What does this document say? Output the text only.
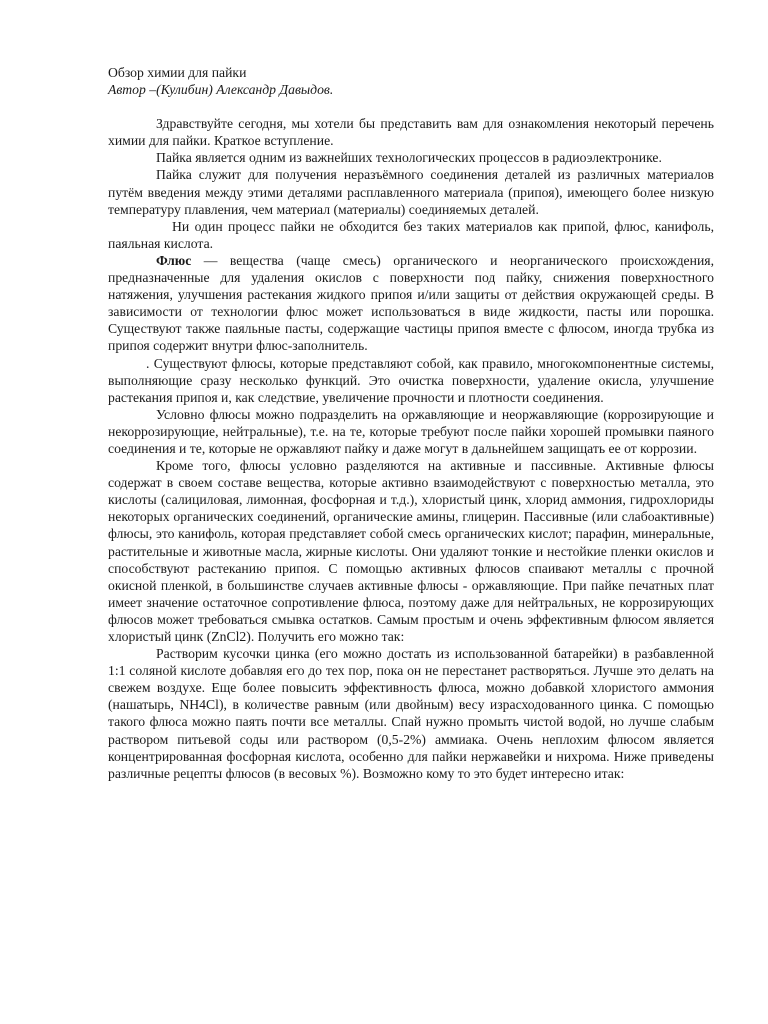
Обзор химии для пайки
Автор –(Кулибин) Александр Давыдов.

Здравствуйте сегодня, мы хотели бы представить вам для ознакомления некоторый перечень химии для пайки. Краткое вступление.

Пайка является одним из важнейших технологических процессов в радиоэлектронике.

Пайка служит для получения неразъёмного соединения деталей из различных материалов путём введения между этими деталями расплавленного материала (припоя), имеющего более низкую температуру плавления, чем материал (материалы) соединяемых деталей.

Ни один процесс пайки не обходится без таких материалов как припой, флюс, канифоль, паяльная кислота.

Флюс — вещества (чаще смесь) органического и неорганического происхождения, предназначенные для удаления окислов с поверхности под пайку, снижения поверхностного натяжения, улучшения растекания жидкого припоя и/или защиты от действия окружающей среды. В зависимости от технологии флюс может использоваться в виде жидкости, пасты или порошка. Существуют также паяльные пасты, содержащие частицы припоя вместе с флюсом, иногда трубка из припоя содержит внутри флюс-заполнитель.

. Существуют флюсы, которые представляют собой, как правило, многокомпонентные системы, выполняющие сразу несколько функций. Это очистка поверхности, удаление окисла, улучшение растекания припоя и, как следствие, увеличение прочности и плотности соединения.

Условно флюсы можно подразделить на оржавляющие и неоржавляющие (коррозирующие и некоррозирующие, нейтральные), т.е. на те, которые требуют после пайки хорошей промывки паяного соединения и те, которые не оржавляют пайку и даже могут в дальнейшем защищать ее от коррозии.

Кроме того, флюсы условно разделяются на активные и пассивные. Активные флюсы содержат в своем составе вещества, которые активно взаимодействуют с поверхностью металла, это кислоты (салициловая, лимонная, фосфорная и т.д.), хлористый цинк, хлорид аммония, гидрохлориды некоторых органических соединений, органические амины, глицерин. Пассивные (или слабоактивные) флюсы, это канифоль, которая представляет собой смесь органических кислот; парафин, минеральные, растительные и животные масла, жирные кислоты. Они удаляют тонкие и нестойкие пленки окислов и способствуют растеканию припоя. С помощью активных флюсов спаивают металлы с прочной окисной пленкой, в большинстве случаев активные флюсы - оржавляющие. При пайке печатных плат имеет значение остаточное сопротивление флюса, поэтому даже для нейтральных, не коррозирующих флюсов может требоваться смывка остатков. Самым простым и очень эффективным флюсом является хлористый цинк (ZnCl2). Получить его можно так:

Растворим кусочки цинка (его можно достать из использованной батарейки) в разбавленной 1:1 соляной кислоте добавляя его до тех пор, пока он не перестанет растворяться. Лучше это делать на свежем воздухе. Еще более повысить эффективность флюса, можно добавкой хлористого аммония (нашатырь, NH4Cl), в количестве равным (или двойным) весу израсходованного цинка. С помощью такого флюса можно паять почти все металлы. Спай нужно промыть чистой водой, но лучше слабым раствором питьевой соды или раствором (0,5-2%) аммиака. Очень неплохим флюсом является концентрированная фосфорная кислота, особенно для пайки нержавейки и нихрома. Ниже приведены различные рецепты флюсов (в весовых %). Возможно кому то это будет интересно итак:
